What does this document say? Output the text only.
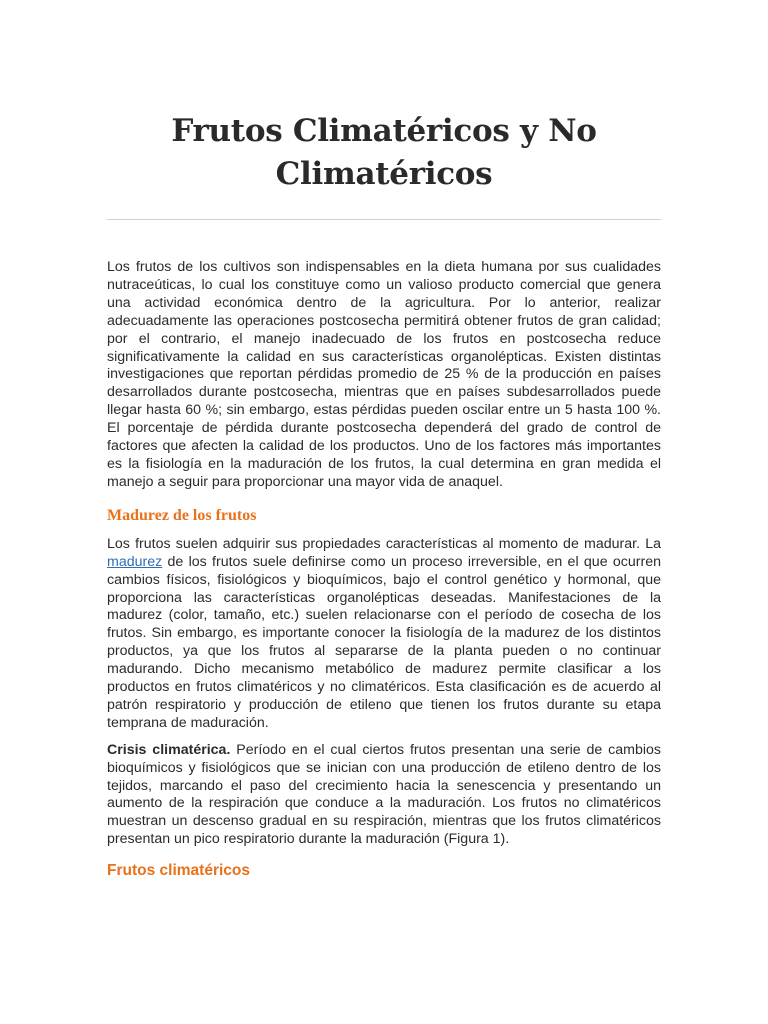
Frutos Climatéricos y No Climatéricos

Los frutos de los cultivos son indispensables en la dieta humana por sus cualidades nutraceúticas, lo cual los constituye como un valioso producto comercial que genera una actividad económica dentro de la agricultura. Por lo anterior, realizar adecuadamente las operaciones postcosecha permitirá obtener frutos de gran calidad; por el contrario, el manejo inadecuado de los frutos en postcosecha reduce significativamente la calidad en sus características organolépticas. Existen distintas investigaciones que reportan pérdidas promedio de 25 % de la producción en países desarrollados durante postcosecha, mientras que en países subdesarrollados puede llegar hasta 60 %; sin embargo, estas pérdidas pueden oscilar entre un 5 hasta 100 %. El porcentaje de pérdida durante postcosecha dependerá del grado de control de factores que afecten la calidad de los productos. Uno de los factores más importantes es la fisiología en la maduración de los frutos, la cual determina en gran medida el manejo a seguir para proporcionar una mayor vida de anaquel.

Madurez de los frutos

Los frutos suelen adquirir sus propiedades características al momento de madurar. La madurez de los frutos suele definirse como un proceso irreversible, en el que ocurren cambios físicos, fisiológicos y bioquímicos, bajo el control genético y hormonal, que proporciona las características organolépticas deseadas. Manifestaciones de la madurez (color, tamaño, etc.) suelen relacionarse con el período de cosecha de los frutos. Sin embargo, es importante conocer la fisiología de la madurez de los distintos productos, ya que los frutos al separarse de la planta pueden o no continuar madurando. Dicho mecanismo metabólico de madurez permite clasificar a los productos en frutos climatéricos y no climatéricos. Esta clasificación es de acuerdo al patrón respiratorio y producción de etileno que tienen los frutos durante su etapa temprana de maduración.

Crisis climatérica. Período en el cual ciertos frutos presentan una serie de cambios bioquímicos y fisiológicos que se inician con una producción de etileno dentro de los tejidos, marcando el paso del crecimiento hacia la senescencia y presentando un aumento de la respiración que conduce a la maduración. Los frutos no climatéricos muestran un descenso gradual en su respiración, mientras que los frutos climatéricos presentan un pico respiratorio durante la maduración (Figura 1).

Frutos climatéricos
